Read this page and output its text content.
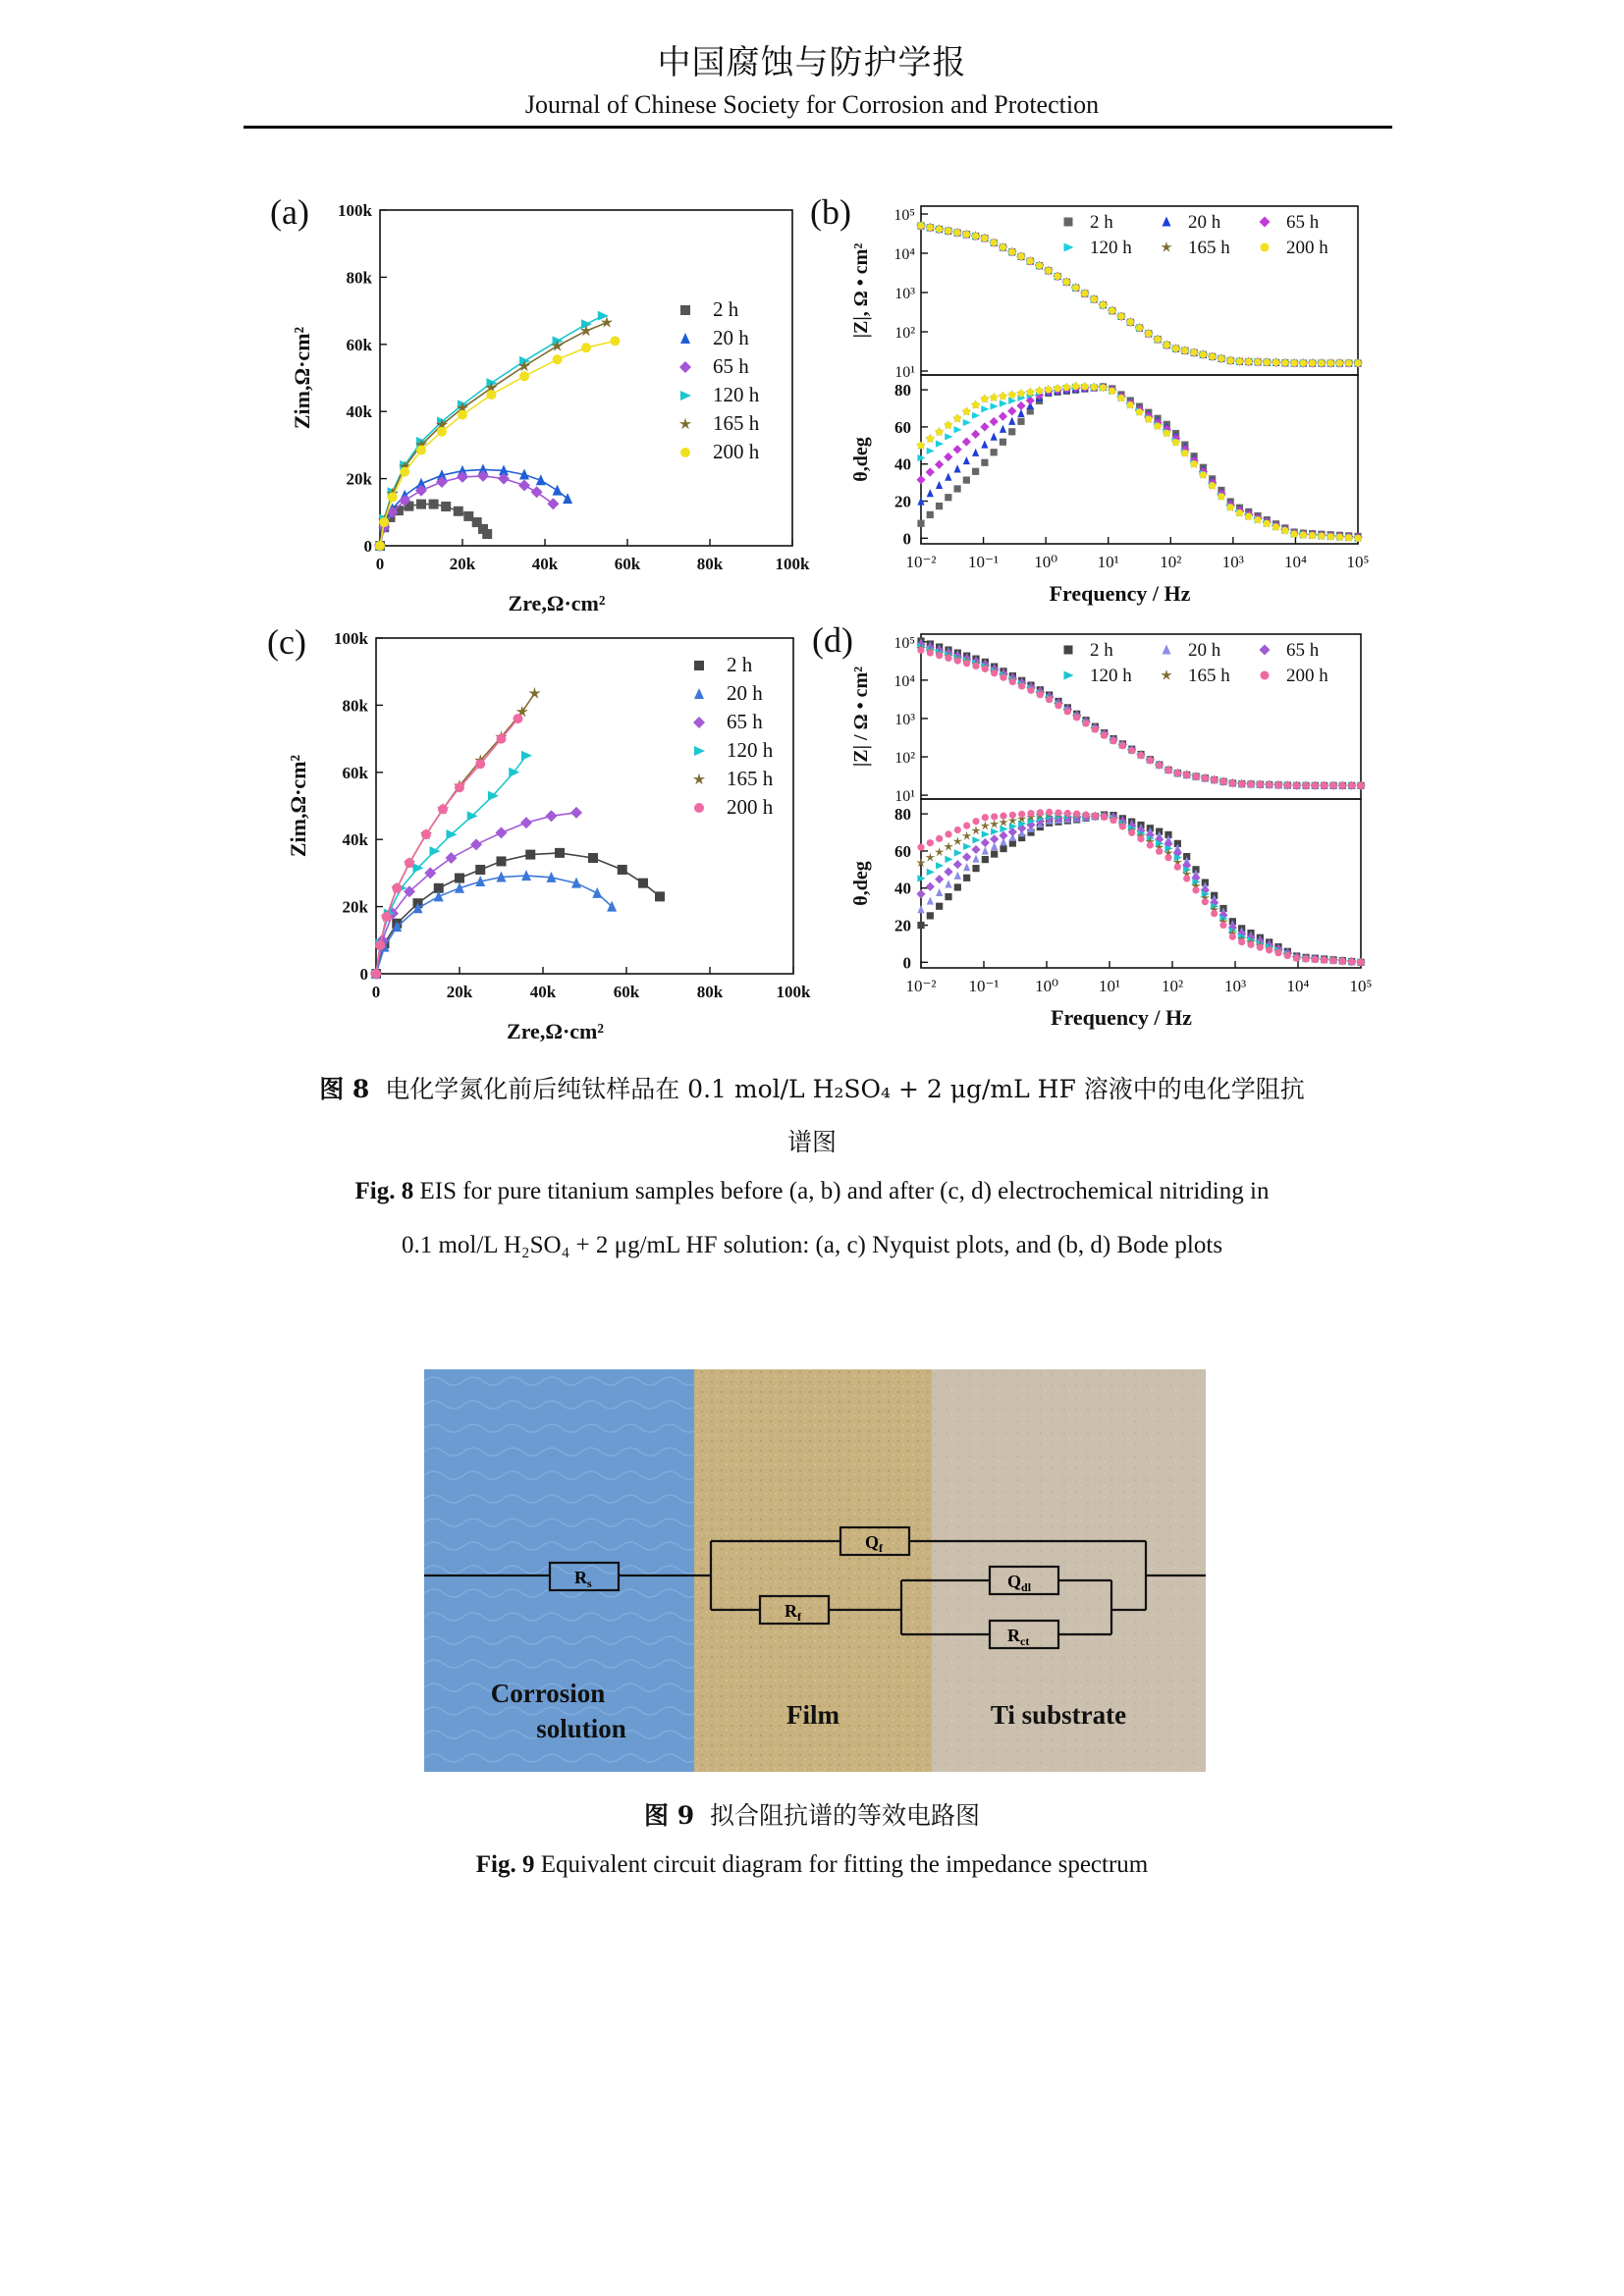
中国腐蚀与防护学报
Journal of Chinese Society for Corrosion and Protection
0	20k	40k	60k	80k	100k
0
20k
40k
60k
80k
100k
Zre,Ω·cm²
Zim,Ω·cm²
(a)
2 h
20 h
65 h
120 h
165 h
200 h
0	20k	40k	60k	80k	100k
0
20k
40k
60k
80k
100k
Zre,Ω·cm²
Zim,Ω·cm²
(c)
2 h
20 h
65 h
120 h
165 h
200 h
10⁻² 10⁻¹ 10⁰ 10¹ 10² 10³ 10⁴ 10⁵
10¹
10²
10³
10⁴
10⁵
0
20
40
60
80
Frequency / Hz
|Z|, Ω • cm²
θ,deg
(b)	2 h	20 h	65 h
120 h	165 h	200 h
10⁻² 10⁻¹ 10⁰ 10¹ 10² 10³ 10⁴ 10⁵
10¹
10²
10³
10⁴
10⁵
0
20
40
60
80
Frequency / Hz
|Z| / Ω • cm²
θ,deg
(d)	2 h	20 h	65 h
120 h	165 h	200 h
图 8 电化学氮化前后纯钛样品在 0.1 mol/L H₂SO₄ + 2 μg/mL HF 溶液中的电化学阻抗
谱图
Fig. 8 EIS for pure titanium samples before (a, b) and after (c, d) electrochemical nitriding in
0.1 mol/L H₂SO₄ + 2 μg/mL HF solution: (a, c) Nyquist plots, and (b, d) Bode plots
$R_s$
$Q_f$
$R_f$
$Q_{dl}$
$R_{ct}$
Corrosion
solution	Film	Ti substrate
图 9 拟合阻抗谱的等效电路图
Fig. 9 Equivalent circuit diagram for fitting the impedance spectrum
